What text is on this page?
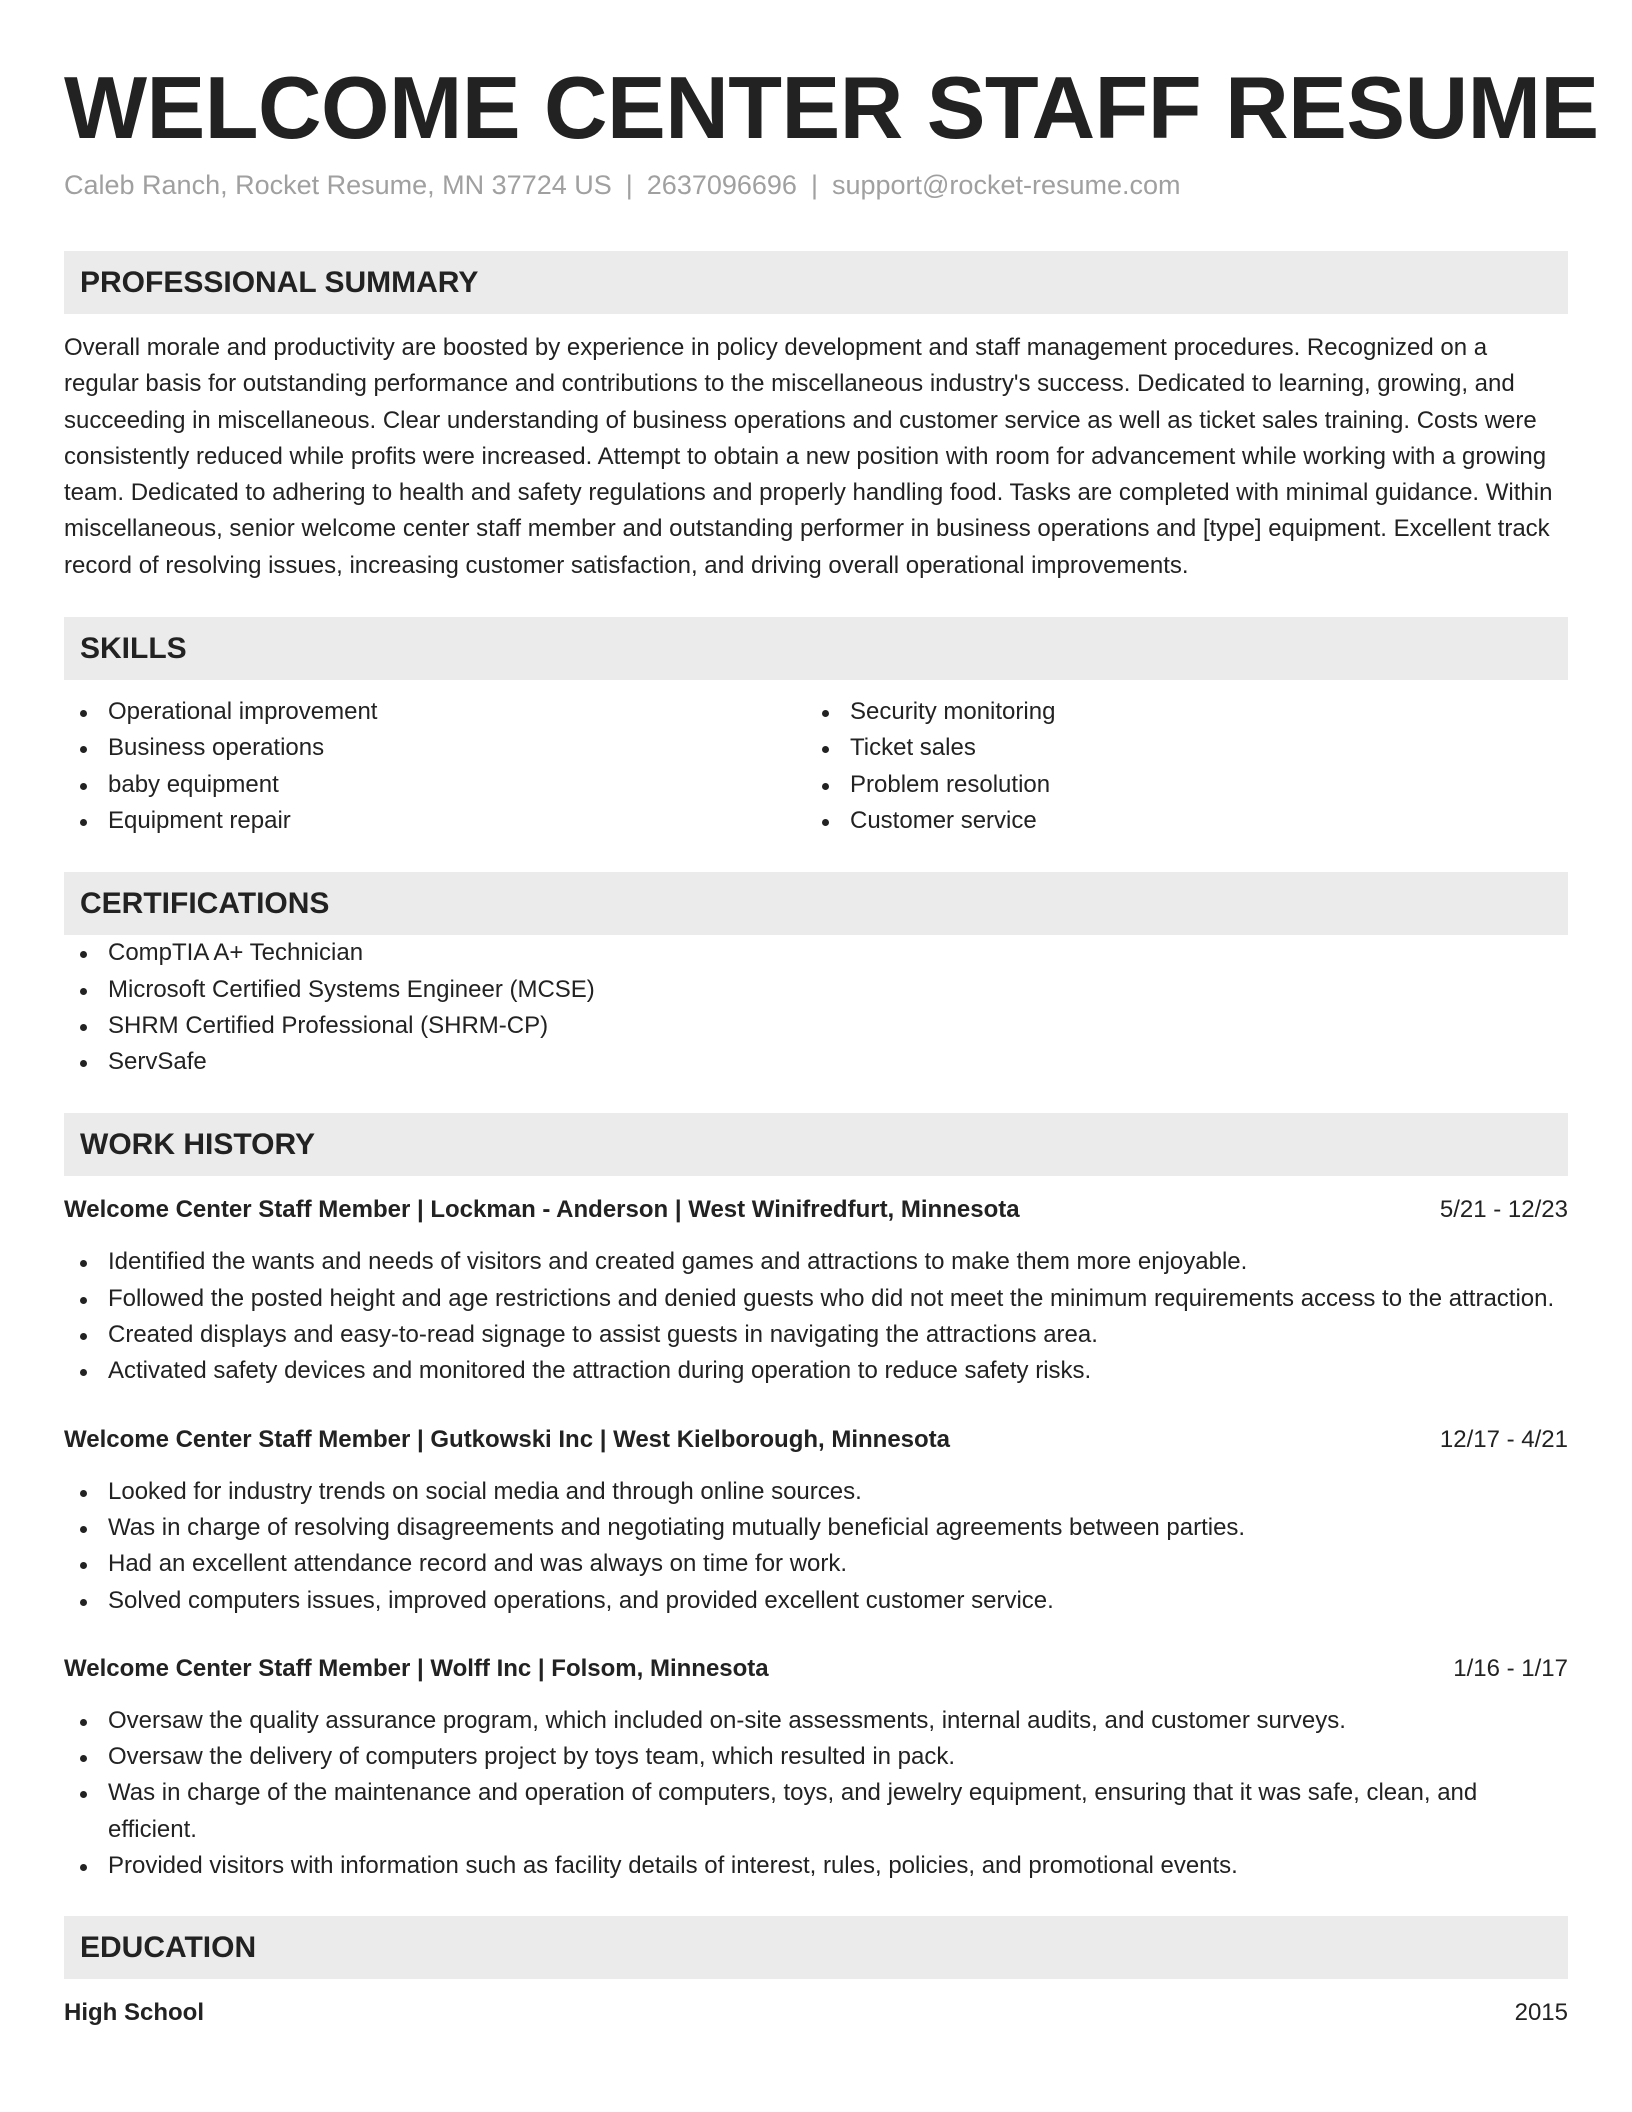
WELCOME CENTER STAFF RESUME
Caleb Ranch, Rocket Resume, MN 37724 US | 2637096696 | support@rocket-resume.com
PROFESSIONAL SUMMARY

Overall morale and productivity are boosted by experience in policy development and staff management procedures. Recognized on a regular basis for outstanding performance and contributions to the miscellaneous industry's success. Dedicated to learning, growing, and succeeding in miscellaneous. Clear understanding of business operations and customer service as well as ticket sales training. Costs were consistently reduced while profits were increased. Attempt to obtain a new position with room for advancement while working with a growing team. Dedicated to adhering to health and safety regulations and properly handling food. Tasks are completed with minimal guidance. Within miscellaneous, senior welcome center staff member and outstanding performer in business operations and [type] equipment. Excellent track record of resolving issues, increasing customer satisfaction, and driving overall operational improvements.

SKILLS
Operational improvement
Business operations
baby equipment
Equipment repair
Security monitoring
Ticket sales
Problem resolution
Customer service
CERTIFICATIONS
CompTIA A+ Technician
Microsoft Certified Systems Engineer (MCSE)
SHRM Certified Professional (SHRM-CP)
ServSafe
WORK HISTORY
Welcome Center Staff Member | Lockman - Anderson | West Winifredfurt, Minnesota	5/21 - 12/23
Identified the wants and needs of visitors and created games and attractions to make them more enjoyable.
Followed the posted height and age restrictions and denied guests who did not meet the minimum requirements access to the attraction.
Created displays and easy-to-read signage to assist guests in navigating the attractions area.
Activated safety devices and monitored the attraction during operation to reduce safety risks.
Welcome Center Staff Member | Gutkowski Inc | West Kielborough, Minnesota	12/17 - 4/21
Looked for industry trends on social media and through online sources.
Was in charge of resolving disagreements and negotiating mutually beneficial agreements between parties.
Had an excellent attendance record and was always on time for work.
Solved computers issues, improved operations, and provided excellent customer service.
Welcome Center Staff Member | Wolff Inc | Folsom, Minnesota	1/16 - 1/17
Oversaw the quality assurance program, which included on-site assessments, internal audits, and customer surveys.
Oversaw the delivery of computers project by toys team, which resulted in pack.
Was in charge of the maintenance and operation of computers, toys, and jewelry equipment, ensuring that it was safe, clean, and efficient.
Provided visitors with information such as facility details of interest, rules, policies, and promotional events.
EDUCATION
High School	2015
